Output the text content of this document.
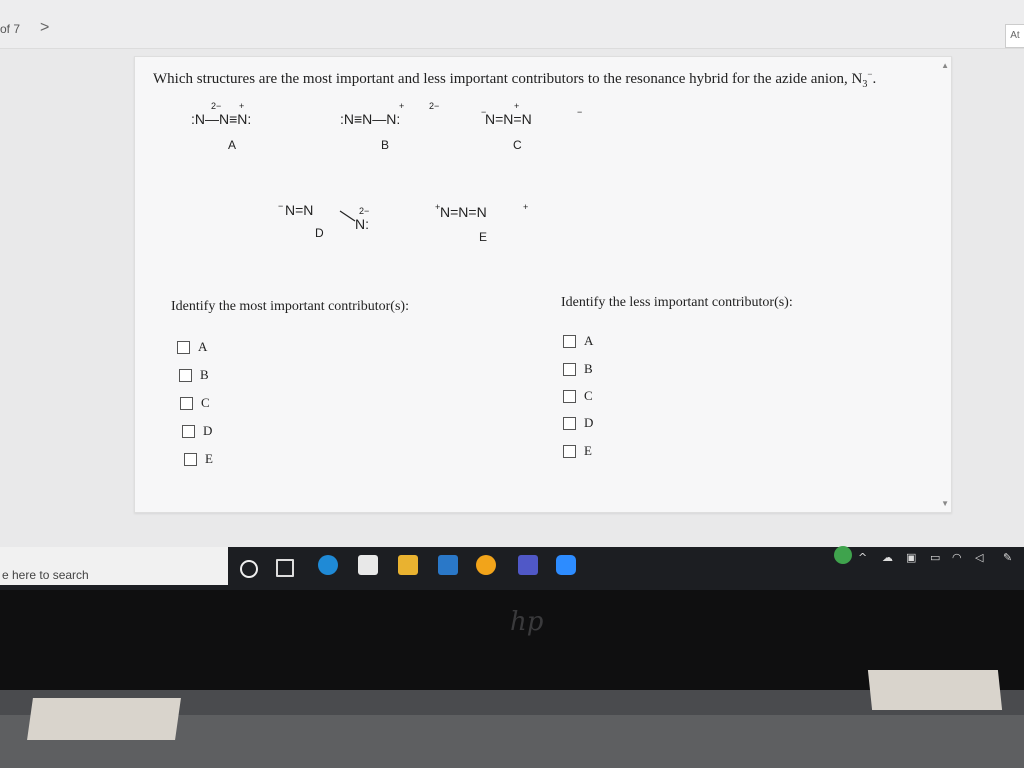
of 7 >	At
Which structures are the most important and less important contributors to the resonance hybrid for the azide anion, $N_3^-$.
:N—N≡N:
2− +
A
:N≡N—N:
+	2−
B
N=N=N
−
+
−
C
N=N
−
N:
2−
D
N=N=N
+	+
E
Identify the most important contributor(s):	Identify the less important contributor(s):
A
B
C
D
E
A
B
C
D
E
▲
▼
e here to search
^ ☁ ▣ ▭ ◠ ◁ ✎
hp
